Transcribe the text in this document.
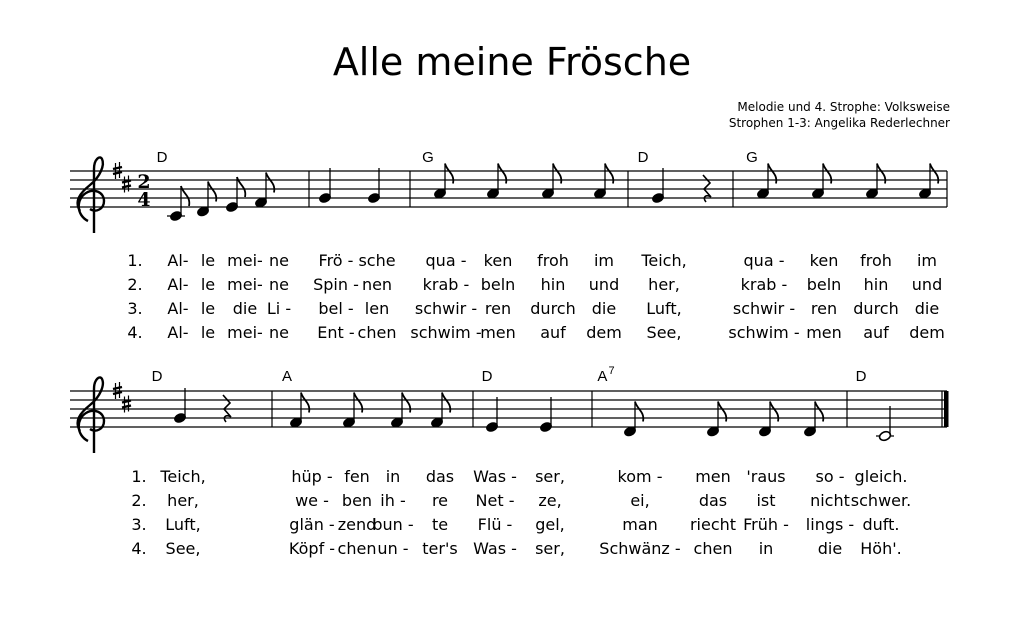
Alle meine Frösche
Melodie und 4. Strophe: Volksweise
Strophen 1-3: Angelika Rederlechner
2
4
D	G	D	G
1.
2.
3.
4.
Al- le mei- ne Frö - sche qua - ken froh im Teich,	qua - ken froh im
Al- le mei- ne Spin - nen krab - beln hin und her,	krab - beln hin und
Al- le die Li - bel - len schwir - ren durch die Luft,	schwir - ren durch die
Al- le mei- ne Ent - chen schwim -
men auf dem See,	schwim - men auf dem
D	A	D	$A^7$	D
1.
2.
3.
4.
Teich,	hüp - fen in das Was - ser,	kom - men 'raus so - gleich.
her,	we - ben ih - re Net - ze,	ei,	das ist nicht schwer.
Luft,	glän - zend
bun - te Flü - gel,	man riecht Früh - lings - duft.
See,	Köpf - chen un - ter's Was - ser, Schwänz - chen in	die Höh'.
